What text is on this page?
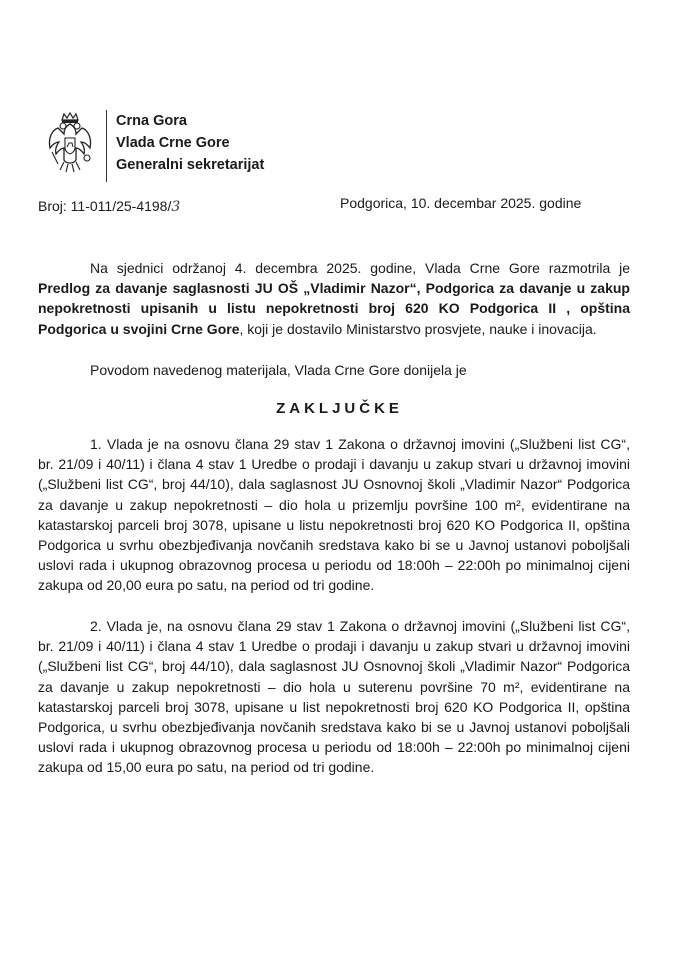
Crna Gora
Vlada Crne Gore
Generalni sekretarijat
Broj: 11-011/25-4198/3	Podgorica, 10. decembar 2025. godine
Na sjednici održanoj 4. decembra 2025. godine, Vlada Crne Gore razmotrila je Predlog za davanje saglasnosti JU OŠ „Vladimir Nazor“, Podgorica za davanje u zakup nepokretnosti upisanih u listu nepokretnosti broj 620 KO Podgorica II , opština Podgorica u svojini Crne Gore, koji je dostavilo Ministarstvo prosvjete, nauke i inovacija.
Povodom navedenog materijala, Vlada Crne Gore donijela je
ZAKLJUČKE
1. Vlada je na osnovu člana 29 stav 1 Zakona o državnoj imovini („Službeni list CG“, br. 21/09 i 40/11) i člana 4 stav 1 Uredbe o prodaji i davanju u zakup stvari u državnoj imovini („Službeni list CG“, broj 44/10), dala saglasnost JU Osnovnoj školi „Vladimir Nazor“ Podgorica za davanje u zakup nepokretnosti – dio hola u prizemlju površine 100 m², evidentirane na katastarskoj parceli broj 3078, upisane u listu nepokretnosti broj 620 KO Podgorica II, opština Podgorica u svrhu obezbjeđivanja novčanih sredstava kako bi se u Javnoj ustanovi poboljšali uslovi rada i ukupnog obrazovnog procesa u periodu od 18:00h – 22:00h po minimalnoj cijeni zakupa od 20,00 eura po satu, na period od tri godine.
2. Vlada je, na osnovu člana 29 stav 1 Zakona o državnoj imovini („Službeni list CG“, br. 21/09 i 40/11) i člana 4 stav 1 Uredbe o prodaji i davanju u zakup stvari u državnoj imovini („Službeni list CG“, broj 44/10), dala saglasnost JU Osnovnoj školi „Vladimir Nazor“ Podgorica za davanje u zakup nepokretnosti – dio hola u suterenu površine 70 m², evidentirane na katastarskoj parceli broj 3078, upisane u list nepokretnosti broj 620 KO Podgorica II, opština Podgorica, u svrhu obezbjeđivanja novčanih sredstava kako bi se u Javnoj ustanovi poboljšali uslovi rada i ukupnog obrazovnog procesa u periodu od 18:00h – 22:00h po minimalnoj cijeni zakupa od 15,00 eura po satu, na period od tri godine.
